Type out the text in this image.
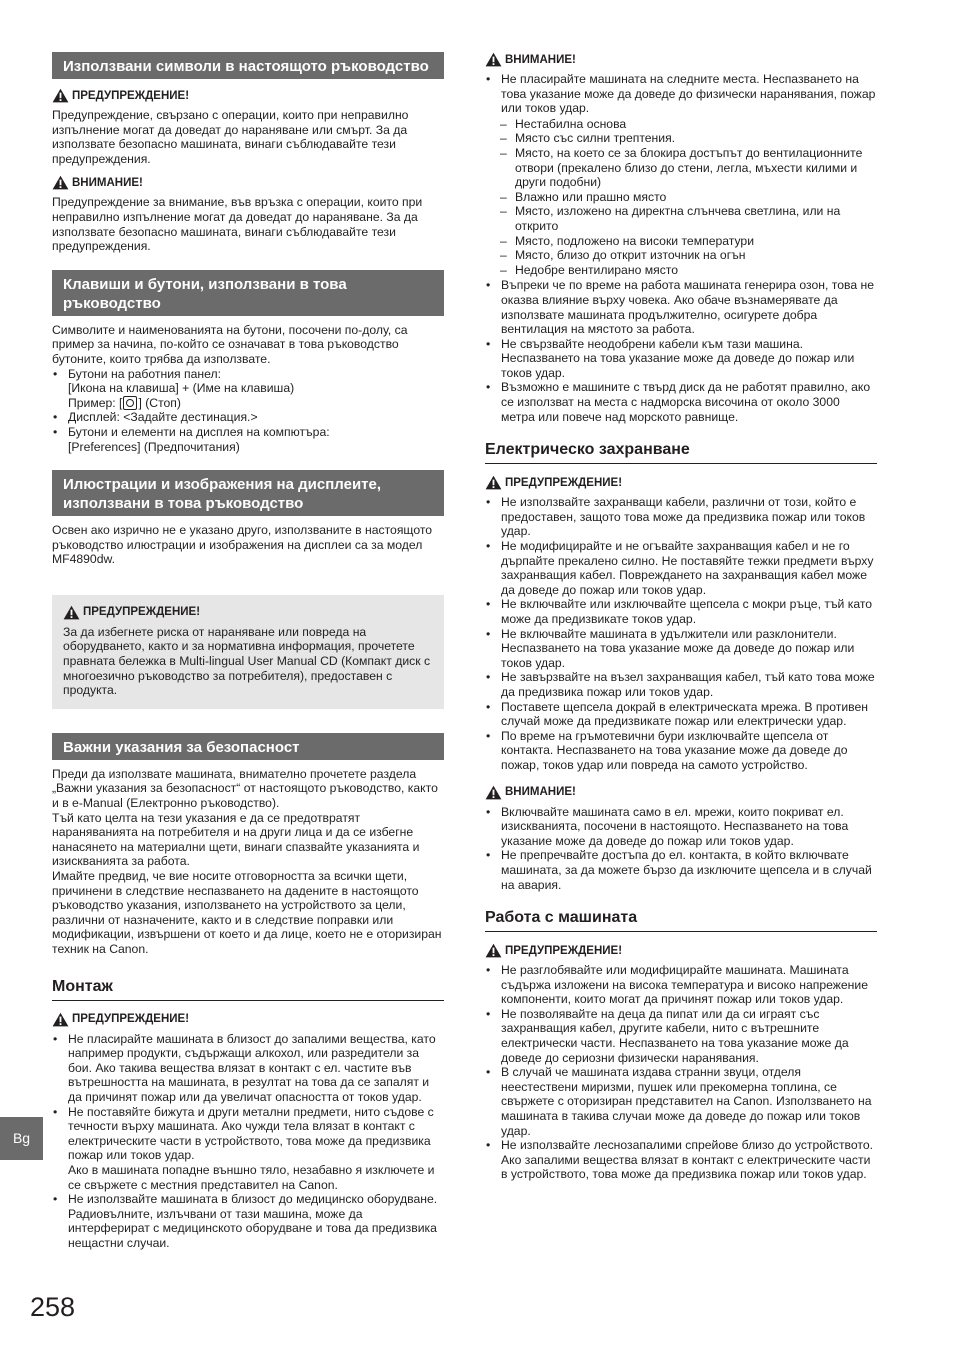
Използвани символи в настоящото ръководство
ПРЕДУПРЕЖДЕНИЕ!

Предупреждение, свързано с операции, които при неправилно изпълнение могат да доведат до нараняване или смърт. За да използвате безопасно машината, винаги съблюдавайте тези предупреждения.

ВНИМАНИЕ!

Предупреждение за внимание, във връзка с операции, които при неправилно изпълнение могат да доведат до нараняване. За да използвате безопасно машината, винаги съблюдавайте тези предупреждения.

Клавиши и бутони, използвани в това ръководство

Символите и наименованията на бутони, посочени по-долу, са пример за начина, по-който се означават в това ръководство бутоните, които трябва да използвате.

• Бутони на работния панел:
[Икона на клавиша] + (Име на клавиша)
Пример: [ ] (Стоп)
• Дисплей: <Задайте дестинация.>
• Бутони и елементи на дисплея на компютъра:
[Preferences] (Предпочитания)
Илюстрации и изображения на дисплеите, използвани в това ръководство

Освен ако изрично не е указано друго, използваните в настоящото ръководство илюстрации и изображения на дисплеи са за модел MF4890dw.

ПРЕДУПРЕЖДЕНИЕ!

За да избегнете риска от нараняване или повреда на оборудването, както и за нормативна информация, прочетете правната бележка в Multi-lingual User Manual CD (Компакт диск с многоезично ръководство за потребителя), предоставен с продукта.

Важни указания за безопасност

Преди да използвате машината, внимателно прочетете раздела „Важни указания за безопасност“ от настоящото ръководство, както и в e-Manual (Електронно ръководство).

Тъй като целта на тези указания е да се предотвратят нараняванията на потребителя и на други лица и да се избегне нанасянето на материални щети, винаги спазвайте указанията и изискванията за работа.

Имайте предвид, че вие носите отговорността за всички щети, причинени в следствие неспазването на дадените в настоящото ръководство указания, използването на устройството за цели, различни от назначените, както и в следствие поправки или модификации, извършени от което и да лице, което не е оторизиран техник на Canon.

Монтаж
ПРЕДУПРЕЖДЕНИЕ!
• Не пласирайте машината в близост до запалими вещества, като например продукти, съдържащи алкохол, или разредители за бои. Ако такива вещества влязат в контакт с ел. частите във вътрешността на машината, в резултат на това да се запалят и да причинят пожар или да увеличат опасността от токов удар.
• Не поставяйте бижута и други метални предмети, нито съдове с течности върху машината. Ако чужди тела влязат в контакт с електрическите части в устройството, това може да предизвика пожар или токов удар.
Ако в машината попадне външно тяло, незабавно я изключете и се свържете с местния представител на Canon.
• Не използвайте машината в близост до медицинско оборудване. Радиовълните, излъчвани от тази машина, може да интерферират с медицинското оборудване и това да предизвика нещастни случаи.
ВНИМАНИЕ!
• Не пласирайте машината на следните места. Неспазването на това указание може да доведе до физически наранявания, пожар или токов удар.
– Нестабилна основа
– Място със силни трептения.
– Място, на което се за блокира достъпът до вентилационните отвори (прекалено близо до стени, легла, мъхести килими и други подобни)
– Влажно или прашно място
– Място, изложено на директна слънчева светлина, или на открито
– Място, подложено на високи температури
– Място, близо до открит източник на огън
– Недобре вентилирано място
• Въпреки че по време на работа машината генерира озон, това не оказва влияние върху човека. Ако обаче възнамерявате да използвате машината продължително, осигурете добра вентилация на мястото за работа.
• Не свързвайте неодобрени кабели към тази машина. Неспазването на това указание може да доведе до пожар или токов удар.
• Възможно е машините с твърд диск да не работят правилно, ако се използват на места с надморска височина от около 3000 метра или повече над морското равнище.
Електрическо захранване
ПРЕДУПРЕЖДЕНИЕ!
• Не използвайте захранващи кабели, различни от този, който е предоставен, защото това може да предизвика пожар или токов удар.
• Не модифицирайте и не огъвайте захранващия кабел и не го дърпайте прекалено силно. Не поставяйте тежки предмети върху захранващия кабел. Повреждането на захранващия кабел може да доведе до пожар или токов удар.
• Не включвайте или изключвайте щепсела с мокри ръце, тъй като може да предизвикате токов удар.
• Не включвайте машината в удължители или разклонители. Неспазването на това указание може да доведе до пожар или токов удар.
• Не завързвайте на възел захранващия кабел, тъй като това може да предизвика пожар или токов удар.
• Поставете щепсела докрай в електрическата мрежа. В противен случай може да предизвикате пожар или електрически удар.
• По време на гръмотевични бури изключвайте щепсела от контакта. Неспазването на това указание може да доведе до пожар, токов удар или повреда на самото устройство.
ВНИМАНИЕ!
• Включвайте машината само в ел. мрежи, които покриват ел. изискванията, посочени в настоящото. Неспазването на това указание може да доведе до пожар или токов удар.
• Не препречвайте достъпа до ел. контакта, в който включвате машината, за да можете бързо да изключите щепсела и в случай на авария.
Работа с машината
ПРЕДУПРЕЖДЕНИЕ!
• Не разглобявайте или модифицирайте машината. Машината съдържа изложени на висока температура и високо напрежение компоненти, които могат да причинят пожар или токов удар.
• Не позволявайте на деца да пипат или да си играят със захранващия кабел, другите кабели, нито с вътрешните електрически части. Неспазването на това указание може да доведе до сериозни физически наранявания.
• В случай че машината издава странни звуци, отделя неестествени миризми, пушек или прекомерна топлина, се свържете с оторизиран представител на Canon. Използването на машината в такива случаи може да доведе до пожар или токов удар.
• Не използвайте леснозапалими спрейове близо до устройството. Ако запалими вещества влязат в контакт с електрическите части в устройството, това може да предизвика пожар или токов удар.
Bg
258
